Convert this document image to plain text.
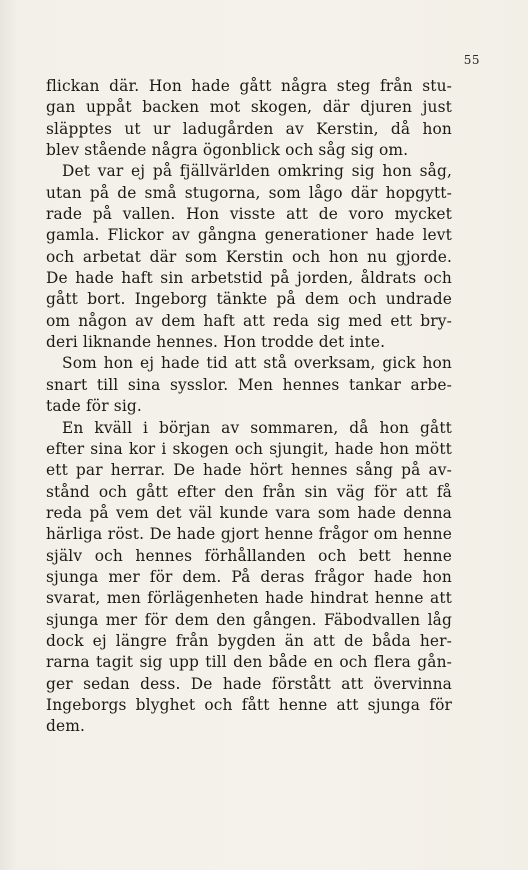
55
flickan där. Hon hade gått några steg från stu-
gan uppåt backen mot skogen, där djuren just
släpptes ut ur ladugården av Kerstin, då hon
blev stående några ögonblick och såg sig om.
Det var ej på fjällvärlden omkring sig hon såg,
utan på de små stugorna, som lågo där hopgytt-
rade på vallen. Hon visste att de voro mycket
gamla. Flickor av gångna generationer hade levt
och arbetat där som Kerstin och hon nu gjorde.
De hade haft sin arbetstid på jorden, åldrats och
gått bort. Ingeborg tänkte på dem och undrade
om någon av dem haft att reda sig med ett bry-
deri liknande hennes. Hon trodde det inte.
Som hon ej hade tid att stå overksam, gick hon
snart till sina sysslor. Men hennes tankar arbe-
tade för sig.
En kväll i början av sommaren, då hon gått
efter sina kor i skogen och sjungit, hade hon mött
ett par herrar. De hade hört hennes sång på av-
stånd och gått efter den från sin väg för att få
reda på vem det väl kunde vara som hade denna
härliga röst. De hade gjort henne frågor om henne
själv och hennes förhållanden och bett henne
sjunga mer för dem. På deras frågor hade hon
svarat, men förlägenheten hade hindrat henne att
sjunga mer för dem den gången. Fäbodvallen låg
dock ej längre från bygden än att de båda her-
rarna tagit sig upp till den både en och flera gån-
ger sedan dess. De hade förstått att övervinna
Ingeborgs blyghet och fått henne att sjunga för
dem.
